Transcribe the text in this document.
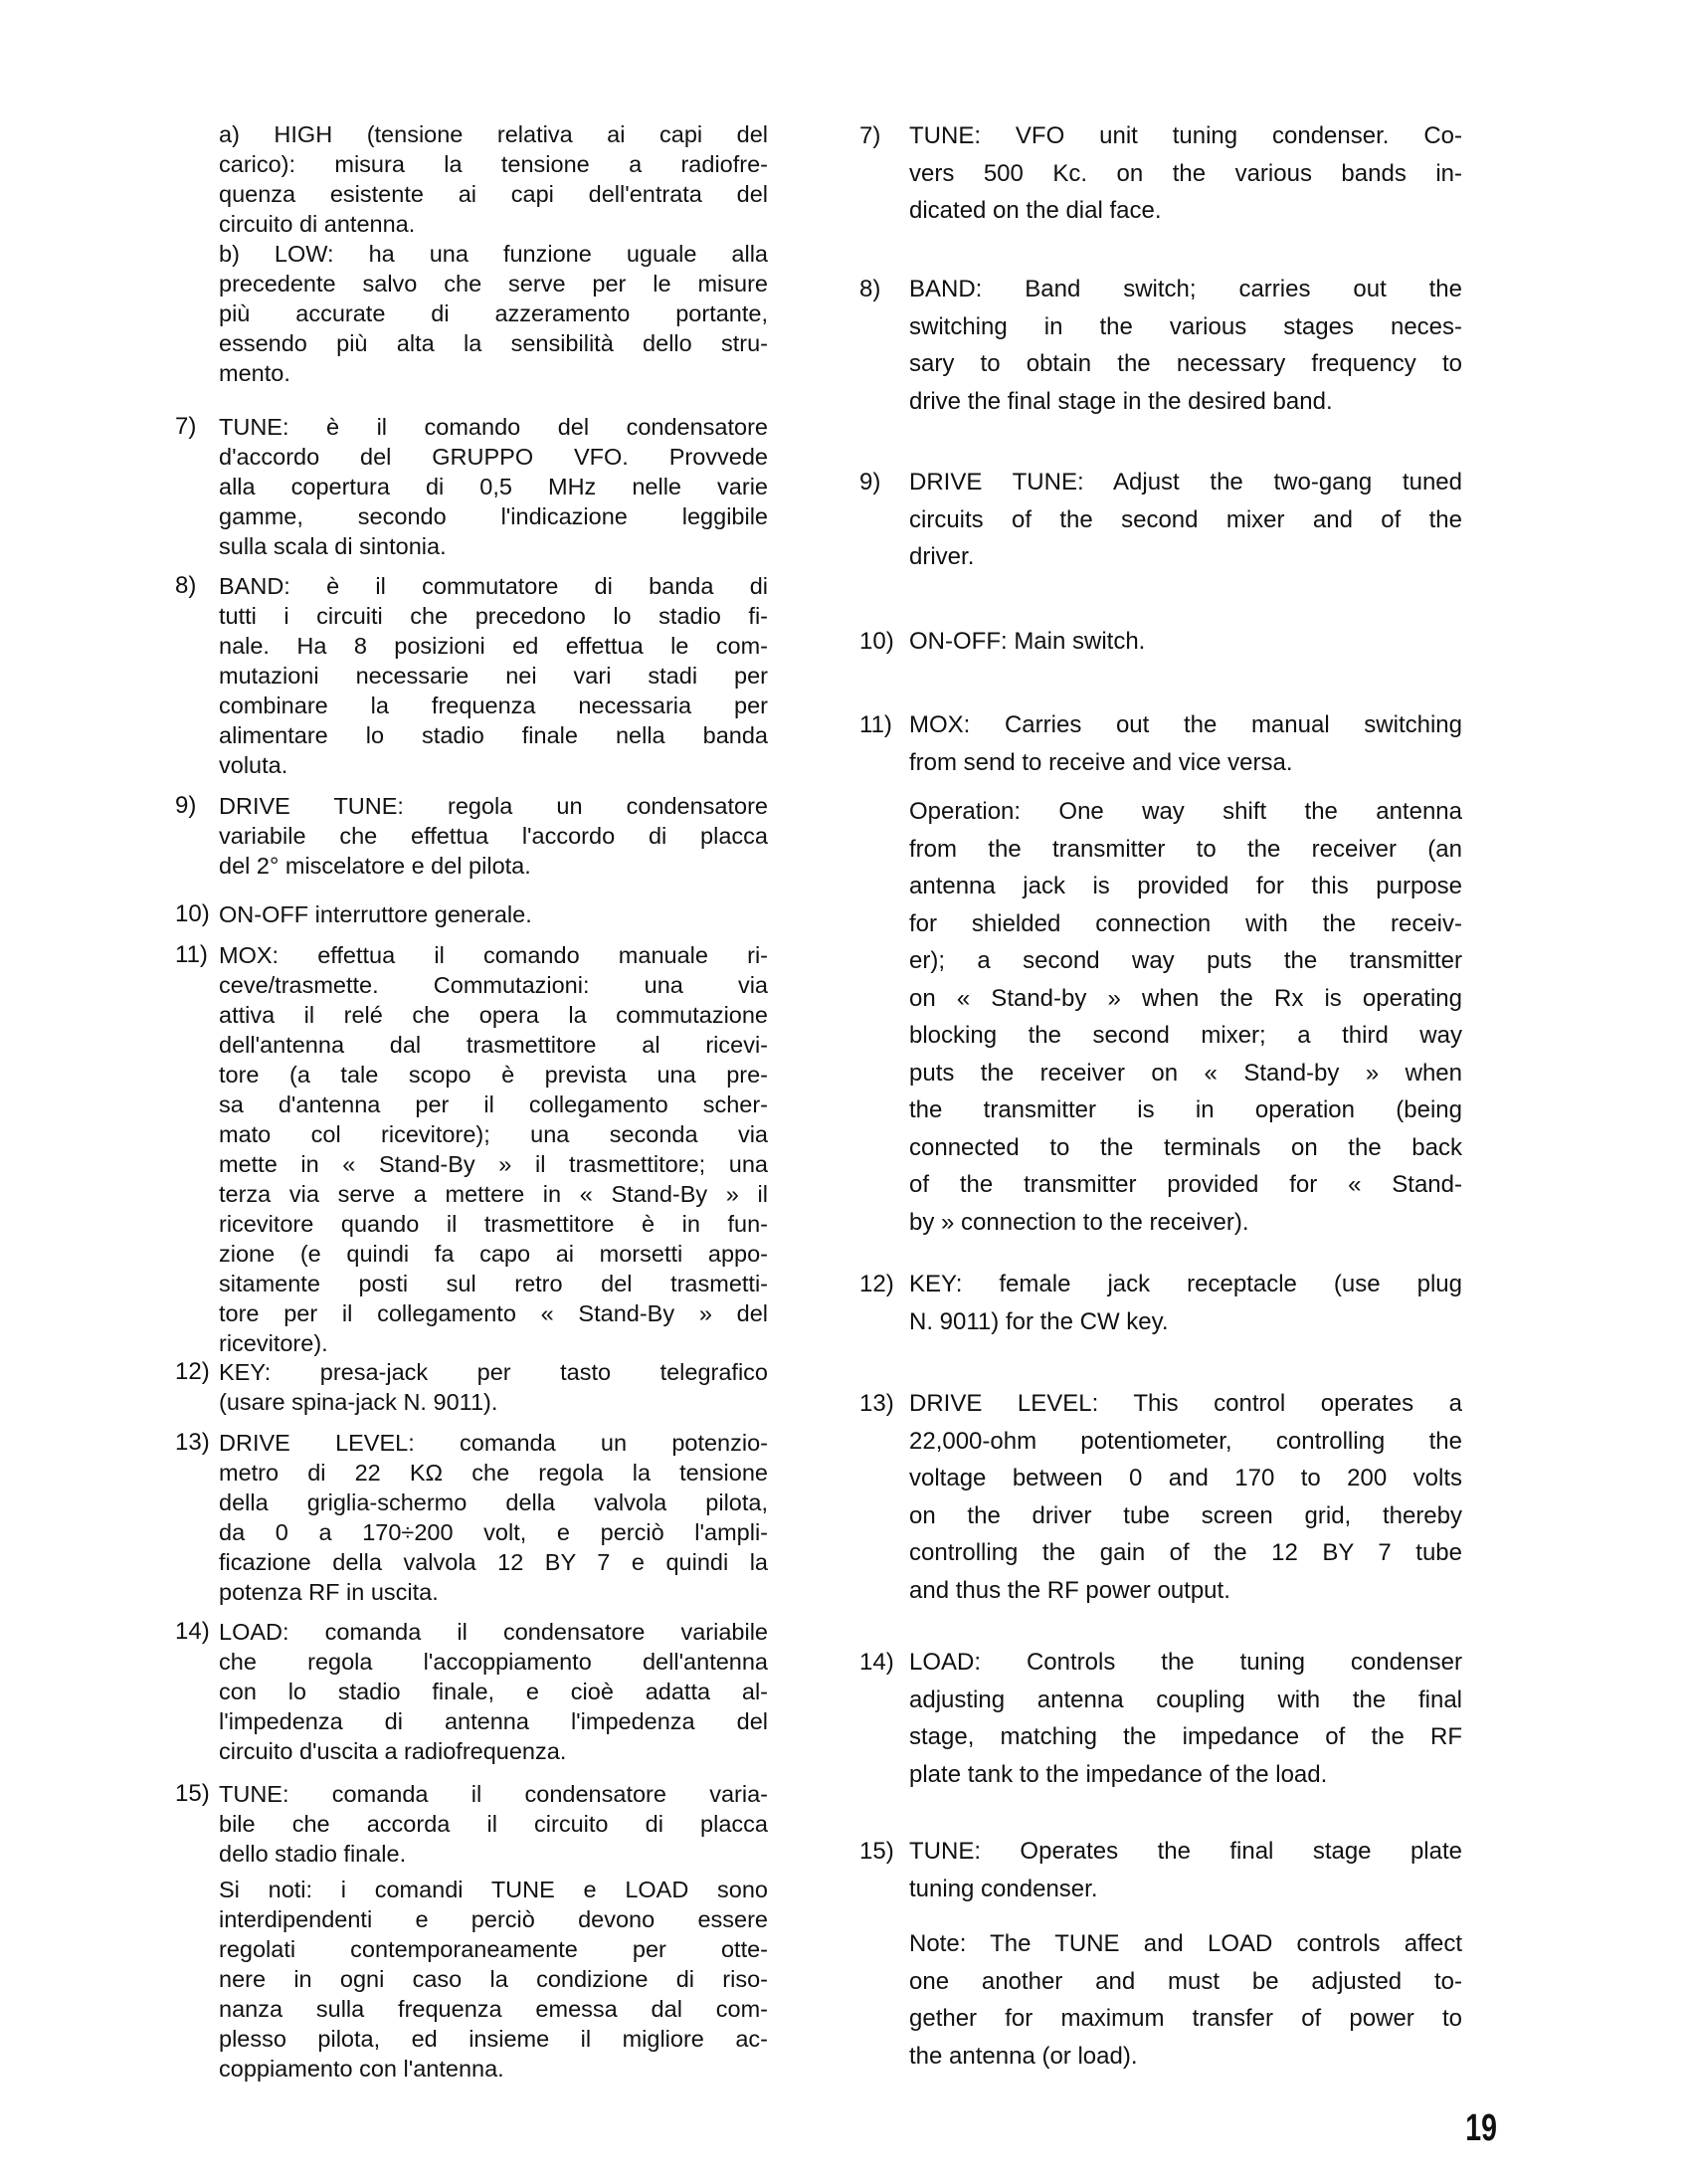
a) HIGH (tensione relativa ai capi del
carico): misura la tensione a radiofre-
quenza esistente ai capi dell'entrata del
circuito di antenna.
b) LOW: ha una funzione uguale alla
precedente salvo che serve per le misure
più accurate di azzeramento portante,
essendo più alta la sensibilità dello stru-
mento.
7) TUNE: è il comando del condensatore
d'accordo del GRUPPO VFO. Provvede
alla copertura di 0,5 MHz nelle varie
gamme, secondo l'indicazione leggibile
sulla scala di sintonia.
8) BAND: è il commutatore di banda di
tutti i circuiti che precedono lo stadio fi-
nale. Ha 8 posizioni ed effettua le com-
mutazioni necessarie nei vari stadi per
combinare la frequenza necessaria per
alimentare lo stadio finale nella banda
voluta.
9) DRIVE TUNE: regola un condensatore
variabile che effettua l'accordo di placca
del 2° miscelatore e del pilota.
10) ON-OFF interruttore generale.
11) MOX: effettua il comando manuale ri-
ceve/trasmette. Commutazioni: una via
attiva il relé che opera la commutazione
dell'antenna dal trasmettitore al ricevi-
tore (a tale scopo è prevista una pre-
sa d'antenna per il collegamento scher-
mato col ricevitore); una seconda via
mette in « Stand-By » il trasmettitore; una
terza via serve a mettere in « Stand-By » il
ricevitore quando il trasmettitore è in fun-
zione (e quindi fa capo ai morsetti appo-
sitamente posti sul retro del trasmetti-
tore per il collegamento « Stand-By » del
ricevitore).
12) KEY: presa-jack per tasto telegrafico
(usare spina-jack N. 9011).
13) DRIVE LEVEL: comanda un potenzio-
metro di 22 KΩ che regola la tensione
della griglia-schermo della valvola pilota,
da 0 a 170÷200 volt, e perciò l'ampli-
ficazione della valvola 12 BY 7 e quindi la
potenza RF in uscita.
14) LOAD: comanda il condensatore variabile
che regola l'accoppiamento dell'antenna
con lo stadio finale, e cioè adatta al-
l'impedenza di antenna l'impedenza del
circuito d'uscita a radiofrequenza.
15) TUNE: comanda il condensatore varia-
bile che accorda il circuito di placca
dello stadio finale.
Si noti: i comandi TUNE e LOAD sono
interdipendenti e perciò devono essere
regolati contemporaneamente per otte-
nere in ogni caso la condizione di riso-
nanza sulla frequenza emessa dal com-
plesso pilota, ed insieme il migliore ac-
coppiamento con l'antenna.
7) TUNE: VFO unit tuning condenser. Co-
vers 500 Kc. on the various bands in-
dicated on the dial face.
8) BAND: Band switch; carries out the
switching in the various stages neces-
sary to obtain the necessary frequency to
drive the final stage in the desired band.
9) DRIVE TUNE: Adjust the two-gang tuned
circuits of the second mixer and of the
driver.
10) ON-OFF: Main switch.
11) MOX: Carries out the manual switching
from send to receive and vice versa.
Operation: One way shift the antenna
from the transmitter to the receiver (an
antenna jack is provided for this purpose
for shielded connection with the receiv-
er); a second way puts the transmitter
on « Stand-by » when the Rx is operating
blocking the second mixer; a third way
puts the receiver on « Stand-by » when
the transmitter is in operation (being
connected to the terminals on the back
of the transmitter provided for « Stand-
by » connection to the receiver).
12) KEY: female jack receptacle (use plug
N. 9011) for the CW key.
13) DRIVE LEVEL: This control operates a
22,000-ohm potentiometer, controlling the
voltage between 0 and 170 to 200 volts
on the driver tube screen grid, thereby
controlling the gain of the 12 BY 7 tube
and thus the RF power output.
14) LOAD: Controls the tuning condenser
adjusting antenna coupling with the final
stage, matching the impedance of the RF
plate tank to the impedance of the load.
15) TUNE: Operates the final stage plate
tuning condenser.
Note: The TUNE and LOAD controls affect
one another and must be adjusted to-
gether for maximum transfer of power to
the antenna (or load).
19
